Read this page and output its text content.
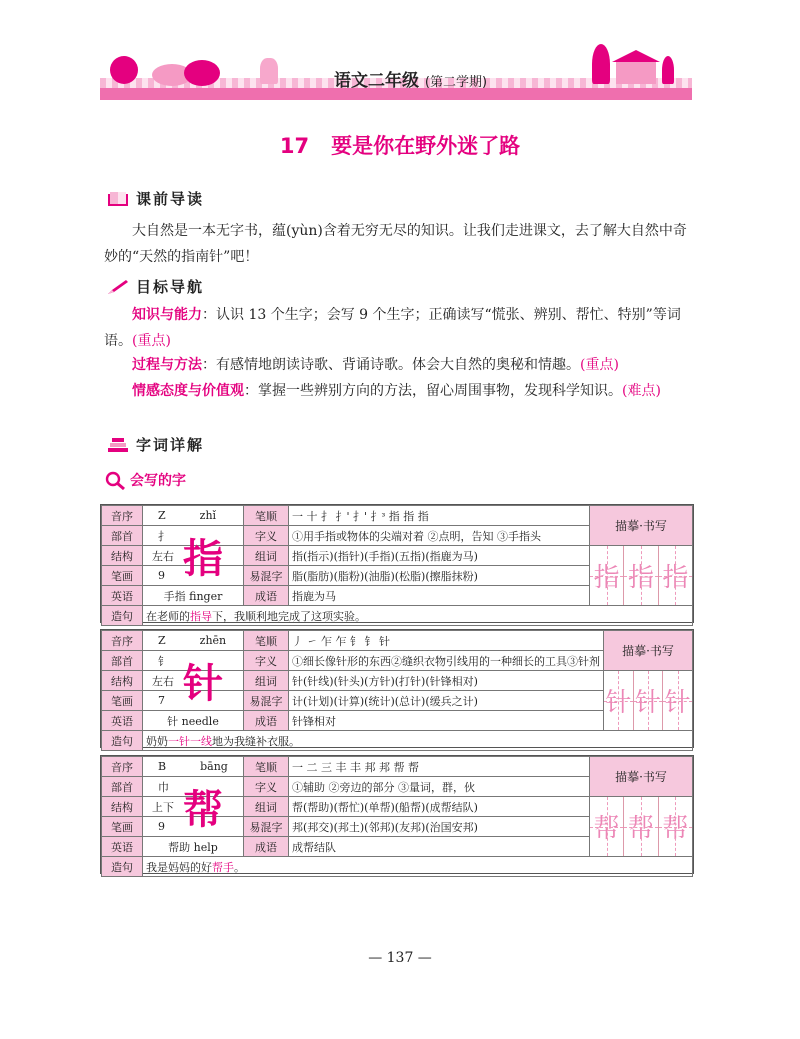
语文二年级 (第二学期)
17 要是你在野外迷了路
课前导读
大自然是一本无字书，蕴(yùn)含着无穷无尽的知识。让我们走进课文，去了解大自然中奇妙的“天然的指南针”吧！
目标导航
知识与能力：认识 13 个生字；会写 9 个生字；正确读写“慌张、辨别、帮忙、特别”等词语。(重点)
过程与方法：有感情地朗读诗歌、背诵诗歌。体会大自然的奥秘和情趣。(重点)
情感态度与价值观：掌握一些辨别方向的方法，留心周围事物，发现科学知识。(难点)
字词详解
会写的字
音序	Z zhǐ	笔顺	一 十 扌 扌' 扌' 扌ᵌ 指 指 指	描摹·书写
部首	扌	字义	①用手指或物体的尖端对着 ②点明，告知 ③手指头	
结构	左右	组词	指(指示)(指针)(手指)(五指)(指鹿为马)	指 指 指

笔画	9	易混字	脂(脂肪)(脂粉)(油脂)(松脂)(擦脂抹粉)	
英语	手指 finger	成语	指鹿为马	
造句	在老师的指导下，我顺利地完成了这项实验。			
指
音序	Z zhēn	笔顺	丿 ㇀ 乍 乍 钅 钅 针	描摹·书写
部首	钅	字义	①细长像针形的东西②缝织衣物引线用的一种细长的工具③针剂	
结构	左右	组词	针(针线)(针头)(方针)(打针)(针锋相对)	针 针 针

笔画	7	易混字	计(计划)(计算)(统计)(总计)(缓兵之计)	
英语	针 needle	成语	针锋相对	
造句	奶奶一针一线地为我缝补衣服。			
针
音序	B bāng	笔顺	一 二 三 丰 丰 邦 邦 帮 帮	描摹·书写
部首	巾	字义	①辅助 ②旁边的部分 ③量词，群，伙	
结构	上下	组词	帮(帮助)(帮忙)(单帮)(船帮)(成帮结队)	帮 帮 帮

笔画	9	易混字	邦(邦交)(邦土)(邻邦)(友邦)(治国安邦)	
英语	帮助 help	成语	成帮结队	
造句	我是妈妈的好帮手。			
帮
— 137 —
